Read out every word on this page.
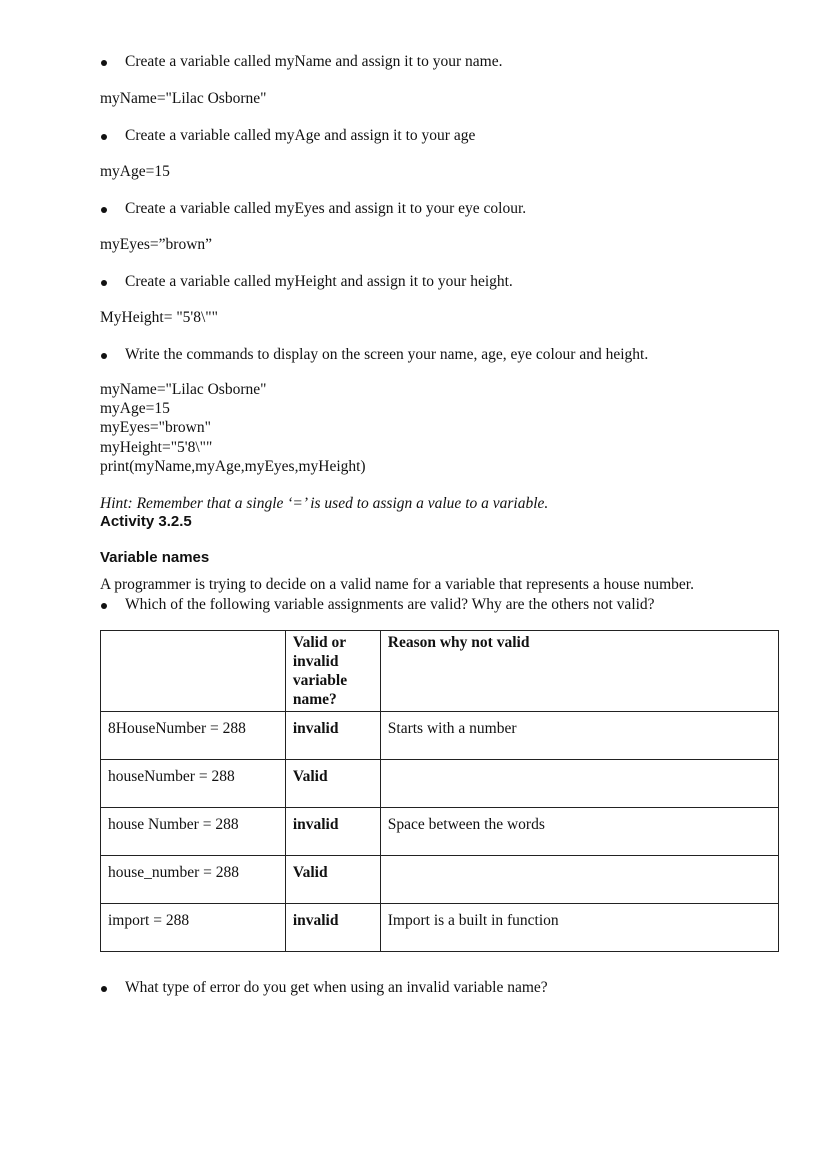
Create a variable called myName and assign it to your name.
myName="Lilac Osborne"
Create a variable called myAge and assign it to your age
myAge=15
Create a variable called myEyes and assign it to your eye colour.
myEyes=”brown”
Create a variable called myHeight and assign it to your height.
MyHeight= "5'8\""
Write the commands to display on the screen your name, age, eye colour and height.
myName="Lilac Osborne"
myAge=15
myEyes="brown"
myHeight="5'8\""
print(myName,myAge,myEyes,myHeight)
Hint: Remember that a single ‘=’ is used to assign a value to a variable.
Activity 3.2.5
Variable names
A programmer is trying to decide on a valid name for a variable that represents a house number.
Which of the following variable assignments are valid? Why are the others not valid?
	Valid or
invalid
variable
name?	Reason why not valid
8HouseNumber = 288	invalid	Starts with a number
houseNumber = 288	Valid	
house Number = 288	invalid	Space between the words
house_number = 288	Valid	
import = 288	invalid	Import is a built in function
What type of error do you get when using an invalid variable name?
